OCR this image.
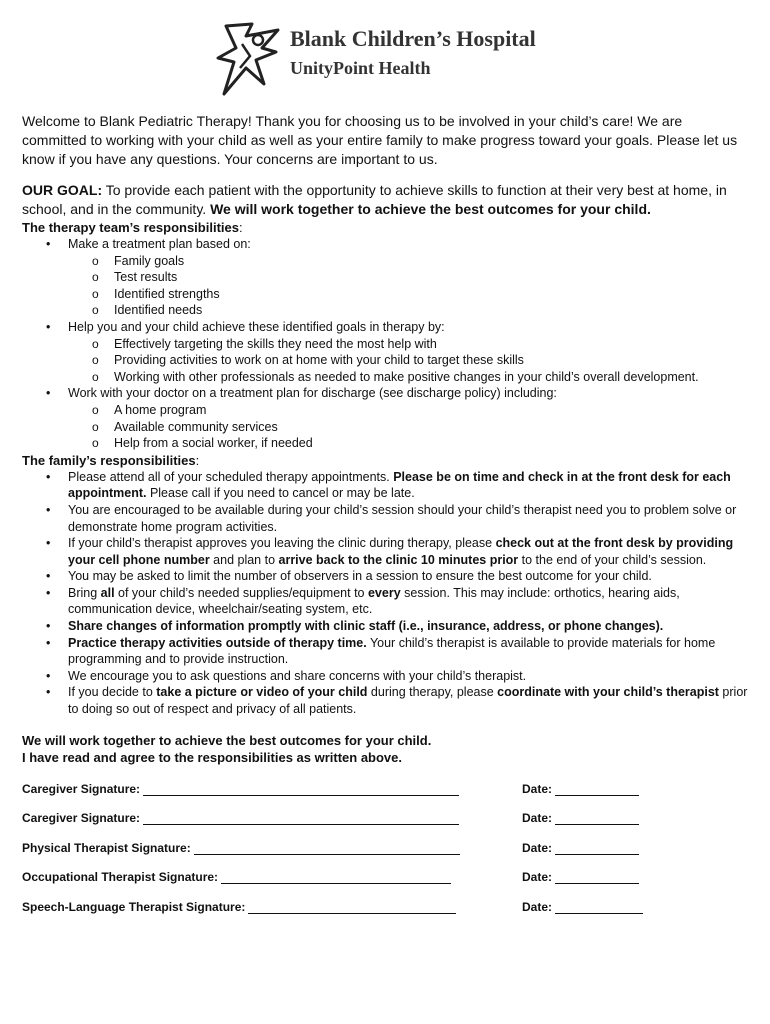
Blank Children’s Hospital
UnityPoint Health

Welcome to Blank Pediatric Therapy! Thank you for choosing us to be involved in your child’s care! We are committed to working with your child as well as your entire family to make progress toward your goals. Please let us know if you have any questions. Your concerns are important to us.

OUR GOAL: To provide each patient with the opportunity to achieve skills to function at their very best at home, in school, and in the community. We will work together to achieve the best outcomes for your child.

The therapy team’s responsibilities:

• Make a treatment plan based on:
o Family goals
o Test results
o Identified strengths
o Identified needs
• Help you and your child achieve these identified goals in therapy by:
o Effectively targeting the skills they need the most help with
o Providing activities to work on at home with your child to target these skills
o Working with other professionals as needed to make positive changes in your child’s overall development.
• Work with your doctor on a treatment plan for discharge (see discharge policy) including:
o A home program
o Available community services
o Help from a social worker, if needed

The family’s responsibilities:

• Please attend all of your scheduled therapy appointments. Please be on time and check in at the front desk for each appointment. Please call if you need to cancel or may be late.
• You are encouraged to be available during your child’s session should your child’s therapist need you to problem solve or demonstrate home program activities.
• If your child’s therapist approves you leaving the clinic during therapy, please check out at the front desk by providing your cell phone number and plan to arrive back to the clinic 10 minutes prior to the end of your child’s session.
• You may be asked to limit the number of observers in a session to ensure the best outcome for your child.
• Bring all of your child’s needed supplies/equipment to every session. This may include: orthotics, hearing aids, communication device, wheelchair/seating system, etc.
• Share changes of information promptly with clinic staff (i.e., insurance, address, or phone changes).
• Practice therapy activities outside of therapy time. Your child’s therapist is available to provide materials for home programming and to provide instruction.
• We encourage you to ask questions and share concerns with your child’s therapist.
• If you decide to take a picture or video of your child during therapy, please coordinate with your child’s therapist prior to doing so out of respect and privacy of all patients.
We will work together to achieve the best outcomes for your child.
I have read and agree to the responsibilities as written above.
Caregiver Signature:	Date:
Caregiver Signature:	Date:
Physical Therapist Signature:	Date:
Occupational Therapist Signature:	Date:
Speech-Language Therapist Signature:	Date:
